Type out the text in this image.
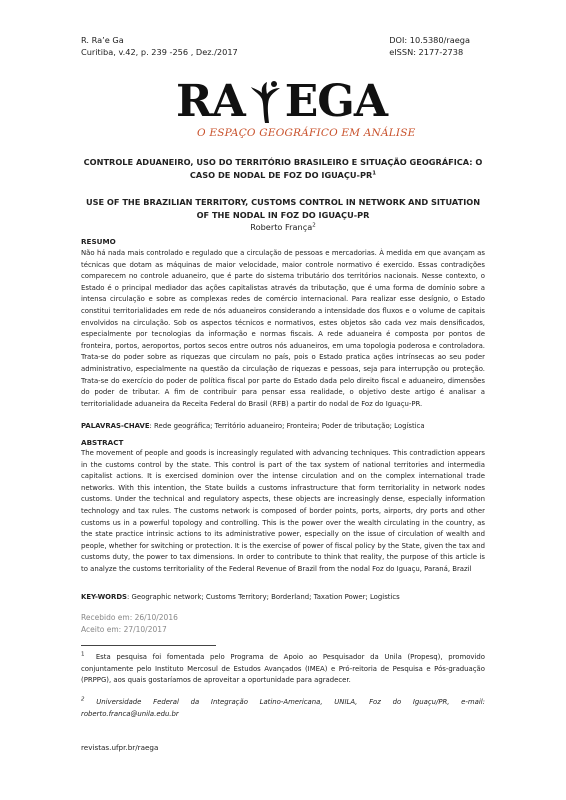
R. Ra’e Ga
Curitiba, v.42, p. 239 -256 , Dez./2017
DOI: 10.5380/raega
eISSN: 2177-2738
RA EGA
O ESPAÇO GEOGRÁFICO EM ANÁLISE
CONTROLE ADUANEIRO, USO DO TERRITÓRIO BRASILEIRO E SITUAÇÃO GEOGRÁFICA: O CASO DE NODAL DE FOZ DO IGUAÇU-$PR^1$
USE OF THE BRAZILIAN TERRITORY, CUSTOMS CONTROL IN NETWORK AND SITUATION OF THE NODAL IN FOZ DO IGUAÇU-PR
Roberto França$^2$
RESUMO
Não há nada mais controlado e regulado que a circulação de pessoas e mercadorias. À medida em que avançam as técnicas que dotam as máquinas de maior velocidade, maior controle normativo é exercido. Essas contradições comparecem no controle aduaneiro, que é parte do sistema tributário dos territórios nacionais. Nesse contexto, o Estado é o principal mediador das ações capitalistas através da tributação, que é uma forma de domínio sobre a intensa circulação e sobre as complexas redes de comércio internacional. Para realizar esse desígnio, o Estado constitui territorialidades em rede de nós aduaneiros considerando a intensidade dos fluxos e o volume de capitais envolvidos na circulação. Sob os aspectos técnicos e normativos, estes objetos são cada vez mais densificados, especialmente por tecnologias da informação e normas fiscais. A rede aduaneira é composta por pontos de fronteira, portos, aeroportos, portos secos entre outros nós aduaneiros, em uma topologia poderosa e controladora. Trata-se do poder sobre as riquezas que circulam no país, pois o Estado pratica ações intrínsecas ao seu poder administrativo, especialmente na questão da circulação de riquezas e pessoas, seja para interrupção ou proteção. Trata-se do exercício do poder de política fiscal por parte do Estado dada pelo direito fiscal e aduaneiro, dimensões do poder de tributar. A fim de contribuir para pensar essa realidade, o objetivo deste artigo é analisar a territorialidade aduaneira da Receita Federal do Brasil (RFB) a partir do nodal de Foz do Iguaçu-PR.
PALAVRAS-CHAVE: Rede geográfica; Território aduaneiro; Fronteira; Poder de tributação; Logística
ABSTRACT
The movement of people and goods is increasingly regulated with advancing techniques. This contradiction appears in the customs control by the state. This control is part of the tax system of national territories and intermedia capitalist actions. It is exercised dominion over the intense circulation and on the complex international trade networks. With this intention, the State builds a customs infrastructure that form territoriality in network nodes customs. Under the technical and regulatory aspects, these objects are increasingly dense, especially information technology and tax rules. The customs network is composed of border points, ports, airports, dry ports and other customs us in a powerful topology and controlling. This is the power over the wealth circulating in the country, as the state practice intrinsic actions to its administrative power, especially on the issue of circulation of wealth and people, whether for switching or protection. It is the exercise of power of fiscal policy by the State, given the tax and customs duty, the power to tax dimensions. In order to contribute to think that reality, the purpose of this article is to analyze the customs territoriality of the Federal Revenue of Brazil from the nodal Foz do Iguaçu, Paraná, Brazil
KEY-WORDS: Geographic network; Customs Territory; Borderland; Taxation Power; Logistics
Recebido em: 26/10/2016
Aceito em: 27/10/2017
$^1$ Esta pesquisa foi fomentada pelo Programa de Apoio ao Pesquisador da Unila (Propesq), promovido conjuntamente pelo Instituto Mercosul de Estudos Avançados (IMEA) e Pró-reitoria de Pesquisa e Pós-graduação (PRPPG), aos quais gostaríamos de aproveitar a oportunidade para agradecer.
$^2$ Universidade Federal da Integração Latino-Americana, UNILA, Foz do Iguaçu/PR, e-mail: roberto.franca@unila.edu.br
revistas.ufpr.br/raega
